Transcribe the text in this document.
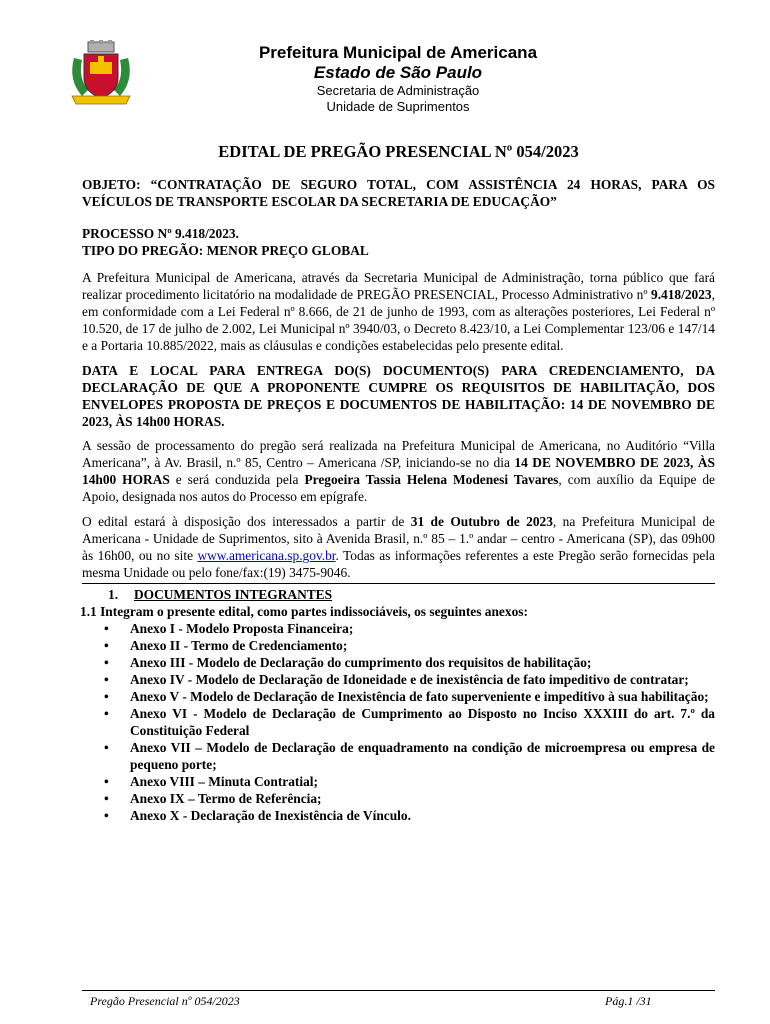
Prefeitura Municipal de Americana
Estado de São Paulo
Secretaria de Administração
Unidade de Suprimentos
EDITAL DE PREGÃO PRESENCIAL Nº 054/2023

OBJETO: “CONTRATAÇÃO DE SEGURO TOTAL, COM ASSISTÊNCIA 24 HORAS, PARA OS VEÍCULOS DE TRANSPORTE ESCOLAR DA SECRETARIA DE EDUCAÇÃO”

PROCESSO Nº 9.418/2023.

TIPO DO PREGÃO: MENOR PREÇO GLOBAL

A Prefeitura Municipal de Americana, através da Secretaria Municipal de Administração, torna público que fará realizar procedimento licitatório na modalidade de PREGÃO PRESENCIAL, Processo Administrativo nº 9.418/2023, em conformidade com a Lei Federal nº 8.666, de 21 de junho de 1993, com as alterações posteriores, Lei Federal nº 10.520, de 17 de julho de 2.002, Lei Municipal nº 3940/03, o Decreto 8.423/10, a Lei Complementar 123/06 e 147/14 e a Portaria 10.885/2022, mais as cláusulas e condições estabelecidas pelo presente edital.

DATA E LOCAL PARA ENTREGA DO(S) DOCUMENTO(S) PARA CREDENCIAMENTO, DA DECLARAÇÃO DE QUE A PROPONENTE CUMPRE OS REQUISITOS DE HABILITAÇÃO, DOS ENVELOPES PROPOSTA DE PREÇOS E DOCUMENTOS DE HABILITAÇÃO: 14 DE NOVEMBRO DE 2023, ÀS 14h00 HORAS.

A sessão de processamento do pregão será realizada na Prefeitura Municipal de Americana, no Auditório “Villa Americana”, à Av. Brasil, n.º 85, Centro – Americana /SP, iniciando-se no dia 14 DE NOVEMBRO DE 2023, ÀS 14h00 HORAS e será conduzida pela Pregoeira Tassia Helena Modenesi Tavares, com auxílio da Equipe de Apoio, designada nos autos do Processo em epígrafe.

O edital estará à disposição dos interessados a partir de 31 de Outubro de 2023, na Prefeitura Municipal de Americana - Unidade de Suprimentos, sito à Avenida Brasil, n.º 85 – 1.º andar – centro - Americana (SP), das 09h00 às 16h00, ou no site www.americana.sp.gov.br. Todas as informações referentes a este Pregão serão fornecidas pela mesma Unidade ou pelo fone/fax:(19) 3475-9046.

1. DOCUMENTOS INTEGRANTES

1.1 Integram o presente edital, como partes indissociáveis, os seguintes anexos:

• Anexo I - Modelo Proposta Financeira;
• Anexo II - Termo de Credenciamento;
• Anexo III - Modelo de Declaração do cumprimento dos requisitos de habilitação;
• Anexo IV - Modelo de Declaração de Idoneidade e de inexistência de fato impeditivo de contratar;
• Anexo V - Modelo de Declaração de Inexistência de fato superveniente e impeditivo à sua habilitação;
• Anexo VI - Modelo de Declaração de Cumprimento ao Disposto no Inciso XXXIII do art. 7.º da Constituição Federal
• Anexo VII – Modelo de Declaração de enquadramento na condição de microempresa ou empresa de pequeno porte;
• Anexo VIII – Minuta Contratial;
• Anexo IX – Termo de Referência;
• Anexo X - Declaração de Inexistência de Vínculo.
Pregão Presencial nº 054/2023	Pág.1 /31
